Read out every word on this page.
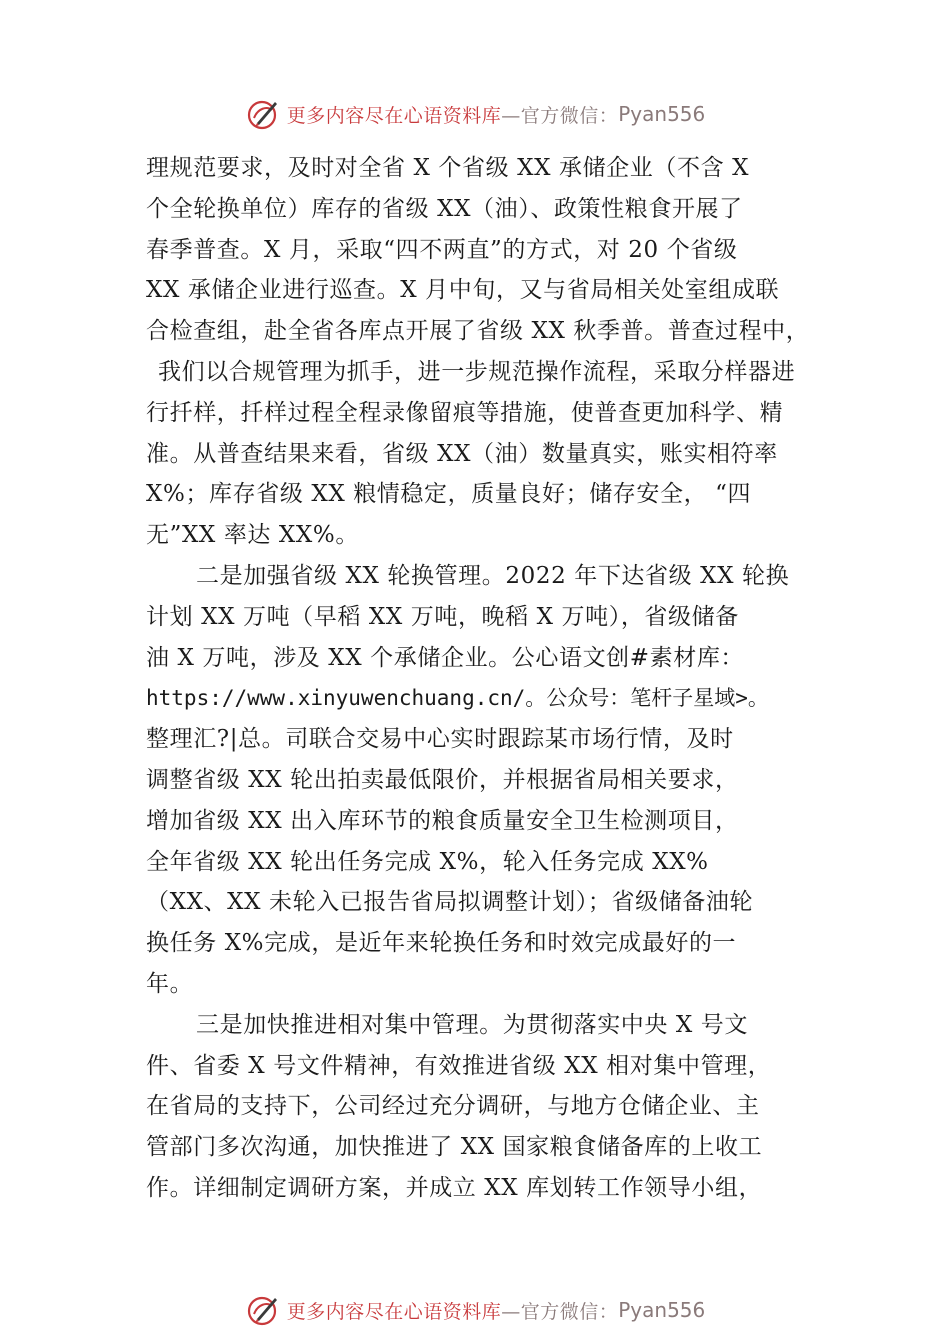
更多内容尽在心语资料库 —官方微信： Pyan556
理规范要求，及时对全省 X 个省级 XX 承储企业（不含 X
个全轮换单位）库存的省级 XX（油）、政策性粮食开展了
春季普查。X 月，采取“四不两直”的方式，对 20 个省级
XX 承储企业进行巡查。X 月中旬，又与省局相关处室组成联
合检查组，赴全省各库点开展了省级 XX 秋季普。普查过程中，
我们以合规管理为抓手，进一步规范操作流程，采取分样器进
行扦样，扦样过程全程录像留痕等措施，使普查更加科学、精
准。从普查结果来看，省级 XX（油）数量真实，账实相符率
X%；库存省级 XX 粮情稳定，质量良好；储存安全， “四
无”XX 率达 XX%。
二是加强省级 XX 轮换管理。2022 年下达省级 XX 轮换
计划 XX 万吨（早稻 XX 万吨，晚稻 X 万吨），省级储备
油 X 万吨，涉及 XX 个承储企业。公心语文创#素材库：
https://www.xinyuwenchuang.cn/。公众号：笔杆子星域>。
整理汇?|总。司联合交易中心实时跟踪某市场行情，及时
调整省级 XX 轮出拍卖最低限价，并根据省局相关要求，
增加省级 XX 出入库环节的粮食质量安全卫生检测项目，
全年省级 XX 轮出任务完成 X%，轮入任务完成 XX%
（XX、XX 未轮入已报告省局拟调整计划）；省级储备油轮
换任务 X%完成，是近年来轮换任务和时效完成最好的一
年。
三是加快推进相对集中管理。为贯彻落实中央 X 号文
件、省委 X 号文件精神，有效推进省级 XX 相对集中管理，
在省局的支持下，公司经过充分调研，与地方仓储企业、主
管部门多次沟通，加快推进了 XX 国家粮食储备库的上收工
作。详细制定调研方案，并成立 XX 库划转工作领导小组，
更多内容尽在心语资料库 —官方微信： Pyan556
